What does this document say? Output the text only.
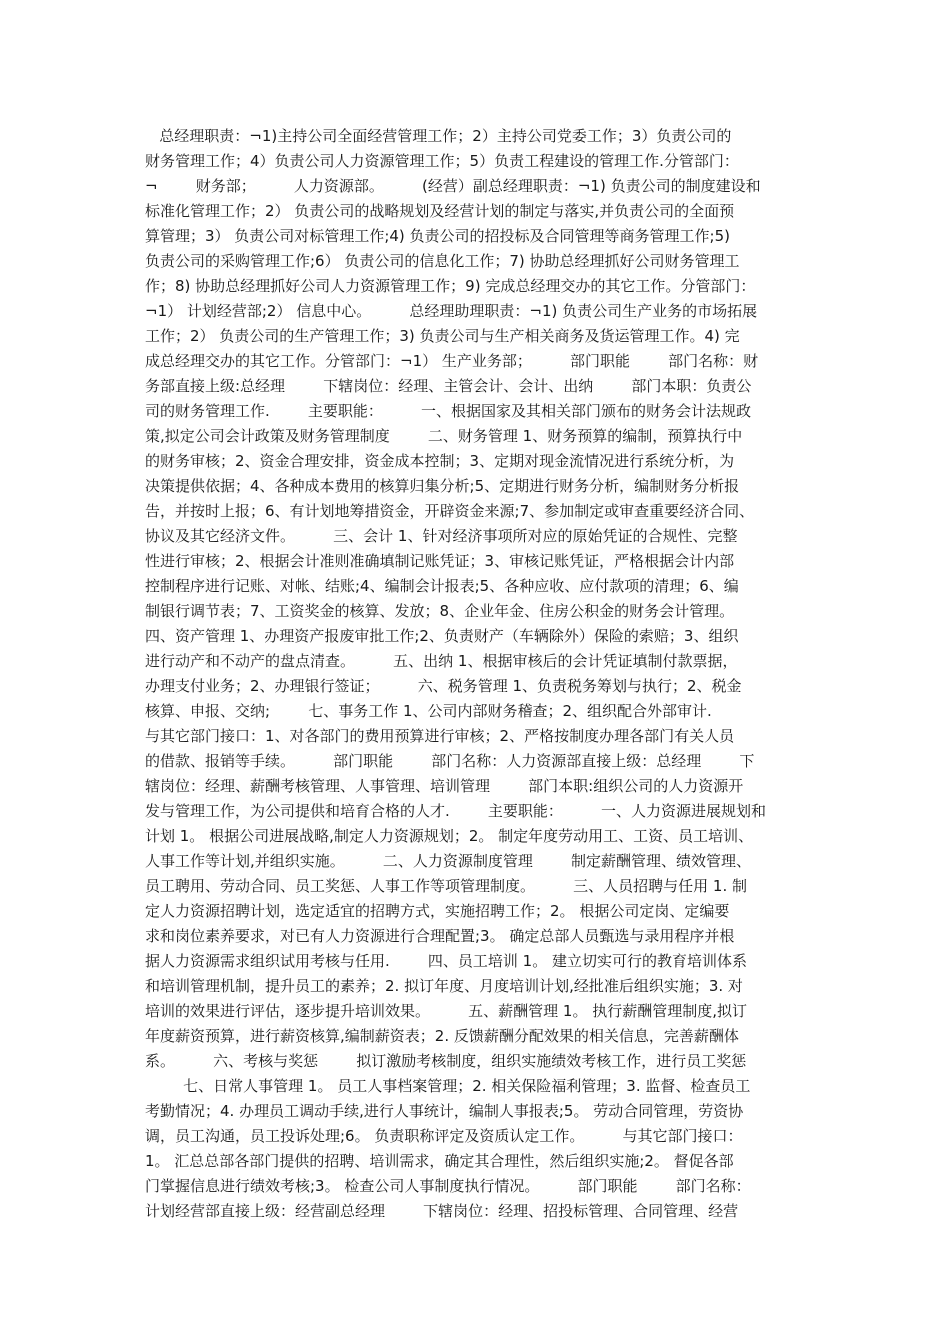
总经理职责：¬1)主持公司全面经营管理工作；2）主持公司党委工作；3）负责公司的
财务管理工作；4）负责公司人力资源管理工作；5）负责工程建设的管理工作.分管部门：
¬        财务部；        人力资源部。        (经营）副总经理职责：¬1) 负责公司的制度建设和
标准化管理工作；2） 负责公司的战略规划及经营计划的制定与落实,并负责公司的全面预
算管理；3） 负责公司对标管理工作;4) 负责公司的招投标及合同管理等商务管理工作;5)
负责公司的采购管理工作;6） 负责公司的信息化工作；7) 协助总经理抓好公司财务管理工
作；8) 协助总经理抓好公司人力资源管理工作；9) 完成总经理交办的其它工作。分管部门：
¬1） 计划经营部;2） 信息中心。        总经理助理职责：¬1) 负责公司生产业务的市场拓展
工作；2） 负责公司的生产管理工作；3) 负责公司与生产相关商务及货运管理工作。4) 完
成总经理交办的其它工作。分管部门：¬1） 生产业务部；        部门职能        部门名称：财
务部直接上级:总经理        下辖岗位：经理、主管会计、会计、出纳        部门本职：负责公
司的财务管理工作.        主要职能：        一、根据国家及其相关部门颁布的财务会计法规政
策,拟定公司会计政策及财务管理制度        二、财务管理 1、财务预算的编制，预算执行中
的财务审核；2、资金合理安排，资金成本控制；3、定期对现金流情况进行系统分析，为
决策提供依据；4、各种成本费用的核算归集分析;5、定期进行财务分析，编制财务分析报
告，并按时上报；6、有计划地筹措资金，开辟资金来源;7、参加制定或审查重要经济合同、
协议及其它经济文件。        三、会计 1、针对经济事项所对应的原始凭证的合规性、完整
性进行审核；2、根据会计准则准确填制记账凭证；3、审核记账凭证，严格根据会计内部
控制程序进行记账、对帐、结账;4、编制会计报表;5、各种应收、应付款项的清理；6、编
制银行调节表；7、工资奖金的核算、发放；8、企业年金、住房公积金的财务会计管理。
四、资产管理 1、办理资产报废审批工作;2、负责财产（车辆除外）保险的索赔；3、组织
进行动产和不动产的盘点清查。        五、出纳 1、根据审核后的会计凭证填制付款票据，
办理支付业务；2、办理银行签证；        六、税务管理 1、负责税务筹划与执行；2、税金
核算、申报、交纳;        七、事务工作 1、公司内部财务稽查；2、组织配合外部审计.
与其它部门接口：1、对各部门的费用预算进行审核；2、严格按制度办理各部门有关人员
的借款、报销等手续。        部门职能        部门名称：人力资源部直接上级：总经理        下
辖岗位：经理、薪酬考核管理、人事管理、培训管理        部门本职:组织公司的人力资源开
发与管理工作，为公司提供和培育合格的人才.        主要职能：        一、人力资源进展规划和
计划 1。 根据公司进展战略,制定人力资源规划；2。 制定年度劳动用工、工资、员工培训、
人事工作等计划,并组织实施。        二、人力资源制度管理        制定薪酬管理、绩效管理、
员工聘用、劳动合同、员工奖惩、人事工作等项管理制度。        三、人员招聘与任用 1. 制
定人力资源招聘计划，选定适宜的招聘方式，实施招聘工作；2。 根据公司定岗、定编要
求和岗位素养要求，对已有人力资源进行合理配置;3。 确定总部人员甄选与录用程序并根
据人力资源需求组织试用考核与任用.        四、员工培训 1。 建立切实可行的教育培训体系
和培训管理机制，提升员工的素养；2. 拟订年度、月度培训计划,经批准后组织实施；3. 对
培训的效果进行评估，逐步提升培训效果。        五、薪酬管理 1。 执行薪酬管理制度,拟订
年度薪资预算，进行薪资核算,编制薪资表；2. 反馈薪酬分配效果的相关信息，完善薪酬体
系。        六、考核与奖惩        拟订激励考核制度，组织实施绩效考核工作，进行员工奖惩
七、日常人事管理 1。 员工人事档案管理；2. 相关保险福利管理；3. 监督、检查员工
考勤情况；4. 办理员工调动手续,进行人事统计，编制人事报表;5。 劳动合同管理，劳资协
调，员工沟通，员工投诉处理;6。 负责职称评定及资质认定工作。        与其它部门接口：
1。 汇总总部各部门提供的招聘、培训需求，确定其合理性，然后组织实施;2。 督促各部
门掌握信息进行绩效考核;3。 检查公司人事制度执行情况。        部门职能        部门名称：
计划经营部直接上级：经营副总经理        下辖岗位：经理、招投标管理、合同管理、经营
